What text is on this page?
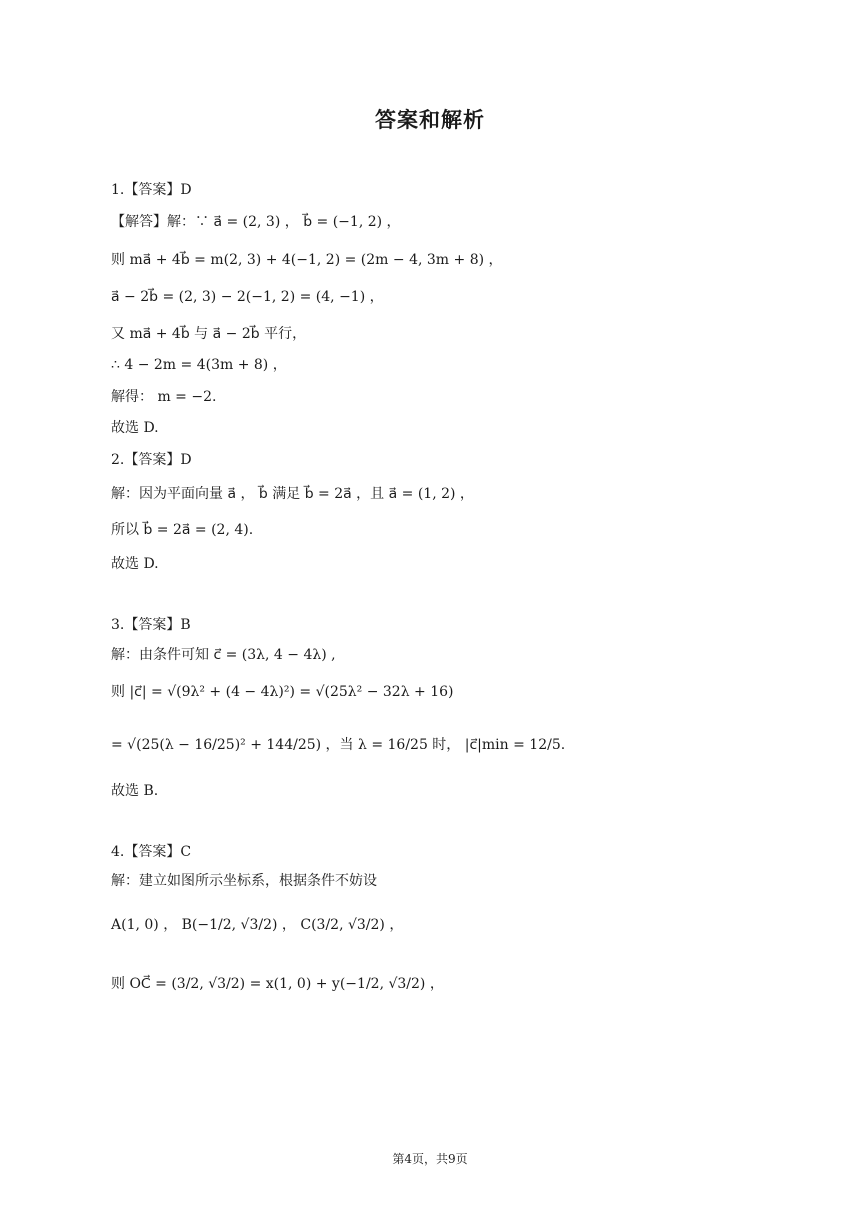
答案和解析
1.【答案】D
【解答】解：∵ a⃗ = (2, 3) ， b⃗ = (−1, 2) ，
则 ma⃗ + 4b⃗ = m(2, 3) + 4(−1, 2) = (2m − 4, 3m + 8) ，
a⃗ − 2b⃗ = (2, 3) − 2(−1, 2) = (4, −1) ，
又 ma⃗ + 4b⃗ 与 a⃗ − 2b⃗ 平行，
∴ 4 − 2m = 4(3m + 8) ，
解得： m = −2.
故选 D.
2.【答案】D
解：因为平面向量 a⃗ ， b⃗ 满足 b⃗ = 2a⃗ ，且 a⃗ = (1, 2) ，
所以 b⃗ = 2a⃗ = (2, 4).
故选 D.
3.【答案】B
解：由条件可知 c⃗ = (3λ, 4 − 4λ) ,
则 |c⃗| = √(9λ² + (4 − 4λ)²) = √(25λ² − 32λ + 16)
= √(25(λ − 16/25)² + 144/25) ，当 λ = 16/25 时， |c⃗|min = 12/5.
故选 B.
4.【答案】C
解：建立如图所示坐标系，根据条件不妨设
A(1, 0) ， B(−1/2, √3/2) ， C(3/2, √3/2) ，
则 OC⃗ = (3/2, √3/2) = x(1, 0) + y(−1/2, √3/2) ，
第4页，共9页
